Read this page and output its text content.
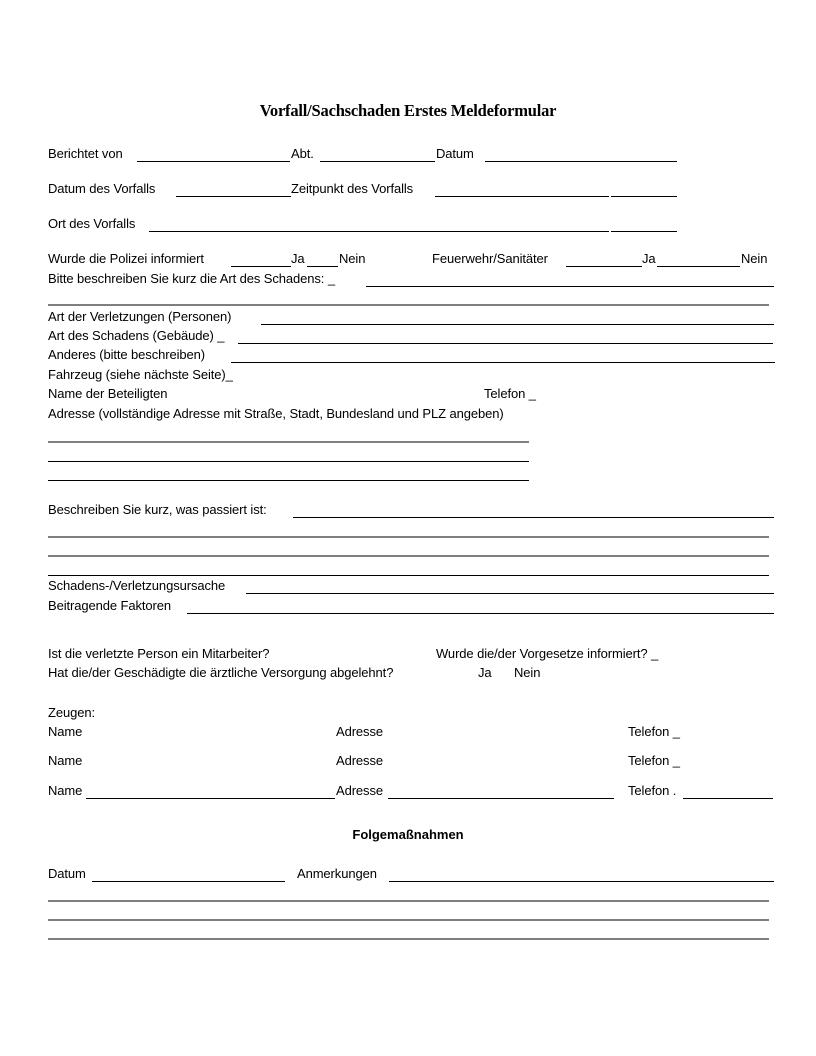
Vorfall/Sachschaden Erstes Meldeformular
Berichtet von	Abt.	Datum
Datum des Vorfalls	Zeitpunkt des Vorfalls
Ort des Vorfalls
Wurde die Polizei informiert	Ja	Nein	Feuerwehr/Sanitäter	Ja	Nein
Bitte beschreiben Sie kurz die Art des Schadens: _
Art der Verletzungen (Personen)
Art des Schadens (Gebäude) _
Anderes (bitte beschreiben)
Fahrzeug (siehe nächste Seite)_
Name der Beteiligten	Telefon _
Adresse (vollständige Adresse mit Straße, Stadt, Bundesland und PLZ angeben)
Beschreiben Sie kurz, was passiert ist:
Schadens-/Verletzungsursache
Beitragende Faktoren
Ist die verletzte Person ein Mitarbeiter?	Wurde die/der Vorgesetze informiert? _
Hat die/der Geschädigte die ärztliche Versorgung abgelehnt?	Ja Nein
Zeugen:
Name	Adresse	Telefon _
Name	Adresse	Telefon _
Name	Adresse	Telefon .
Folgemaßnahmen
Datum	Anmerkungen
